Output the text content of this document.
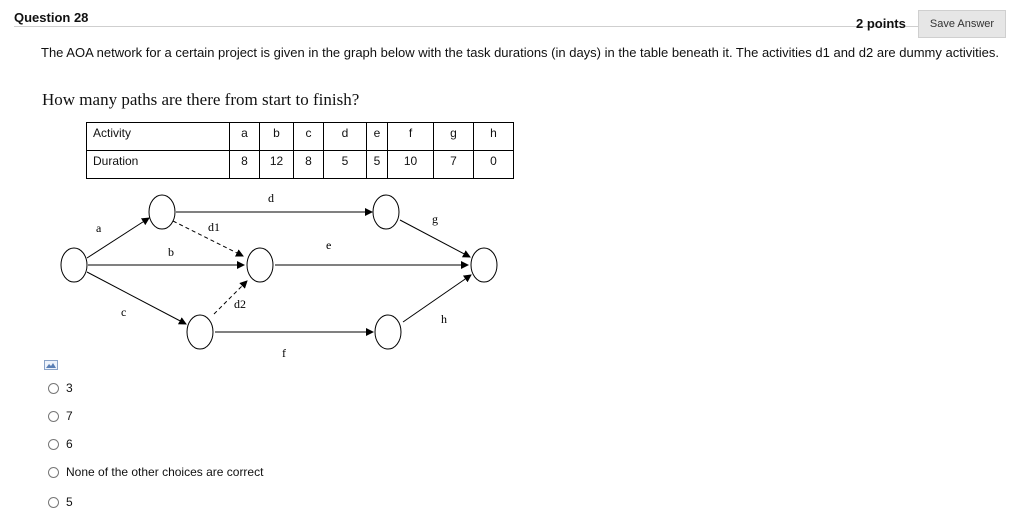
Question 28	2 points	Save Answer
The AOA network for a certain project is given in the graph below with the task durations (in days) in the table beneath it. The activities d1 and d2 are dummy activities.
How many paths are there from start to finish?
Activity	a	b	c	d	e	f	g	h
Duration	8	12	8	5	5	10	7	0
a
b
c
d
e
f
g
h
d1
d2
3
7
6
None of the other choices are correct
5
